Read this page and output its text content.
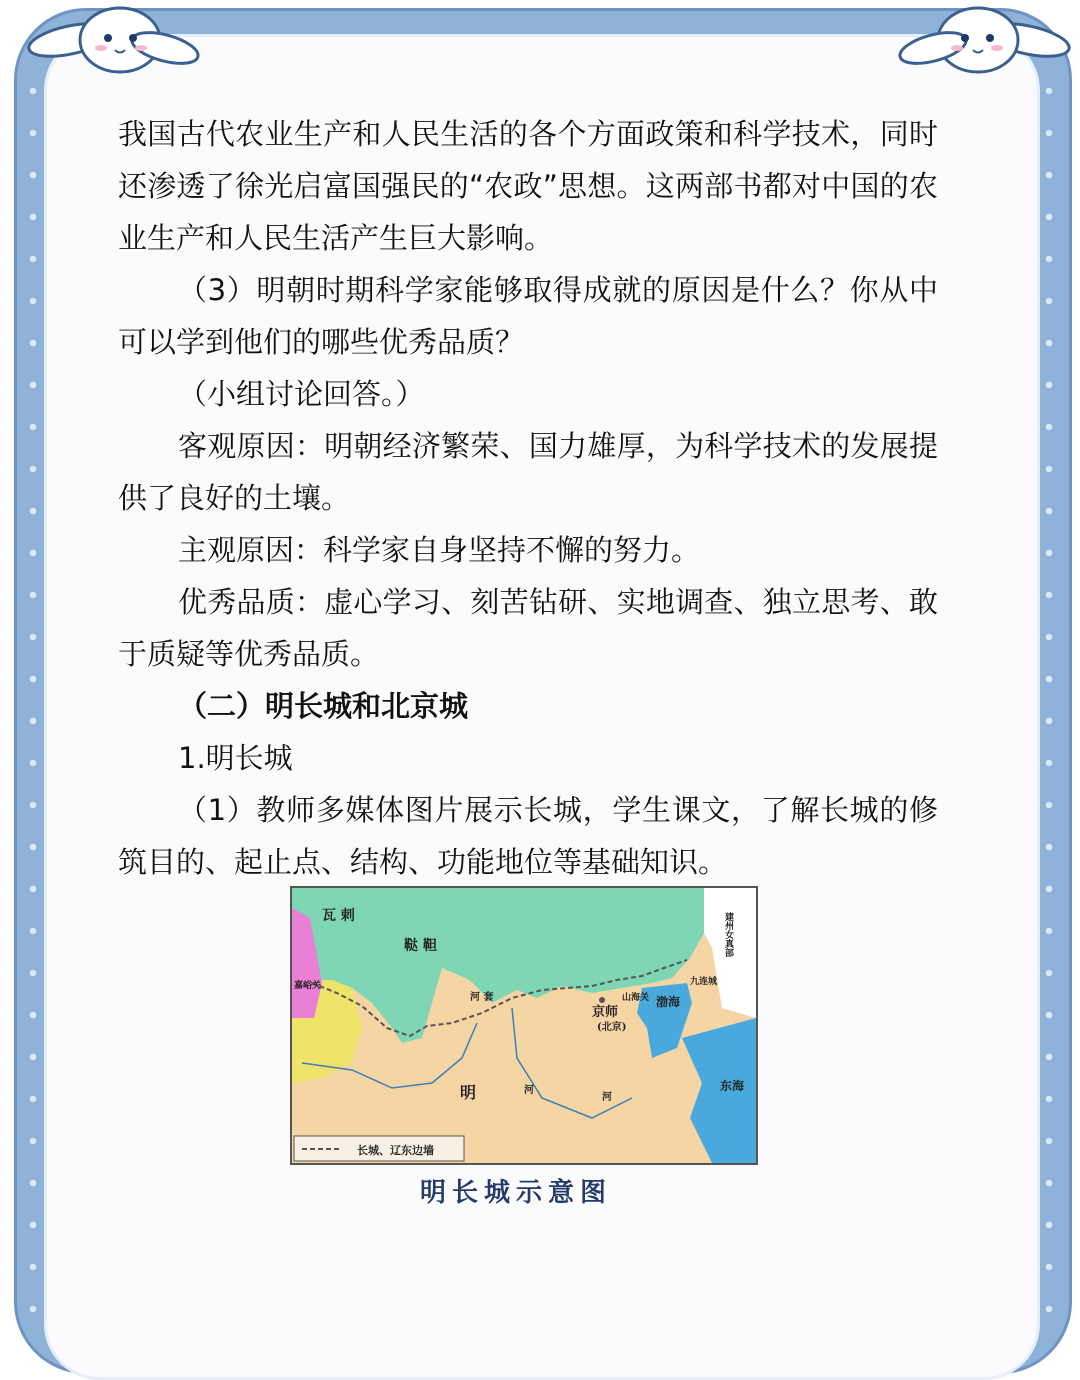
我国古代农业生产和人民生活的各个方面政策和科学技术，同时还渗透了徐光启富国强民的“农政”思想。这两部书都对中国的农业生产和人民生活产生巨大影响。

（3）明朝时期科学家能够取得成就的原因是什么？你从中可以学到他们的哪些优秀品质？

（小组讨论回答。）

客观原因：明朝经济繁荣、国力雄厚，为科学技术的发展提供了良好的土壤。

主观原因：科学家自身坚持不懈的努力。

优秀品质：虚心学习、刻苦钻研、实地调查、独立思考、敢于质疑等优秀品质。

（二）明长城和北京城

1.明长城

（1）教师多媒体图片展示长城，学生课文，了解长城的修筑目的、起止点、结构、功能地位等基础知识。

长城、辽东边墙
瓦 剌
鞑 靼
河 套
明
嘉峪关
山海关
九连城
京师
(北京)
渤海
东海
河
河
建州女真部
明长城示意图
